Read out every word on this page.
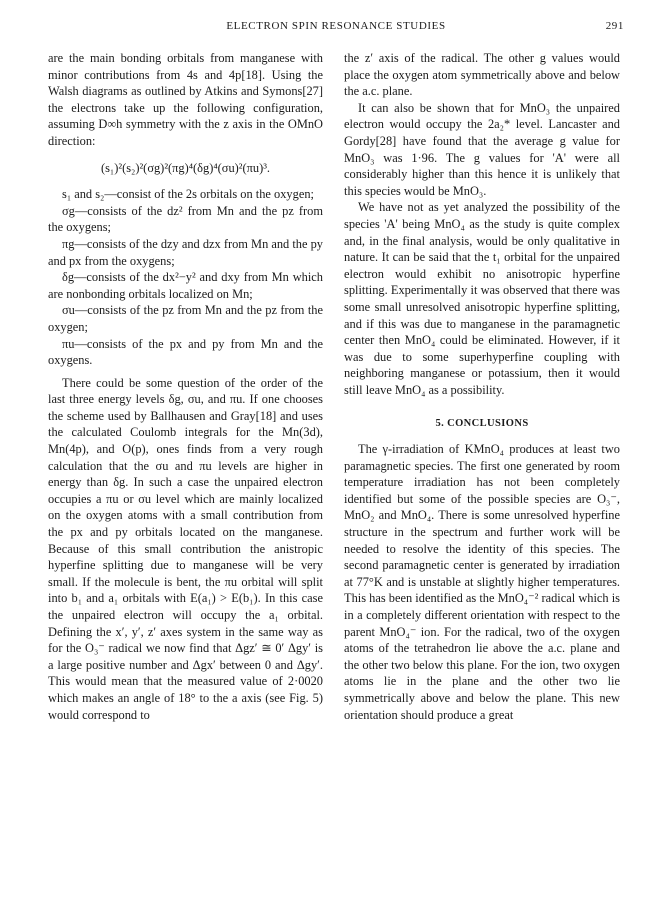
ELECTRON SPIN RESONANCE STUDIES	291

are the main bonding orbitals from manganese with minor contributions from 4s and 4p[18]. Using the Walsh diagrams as outlined by Atkins and Symons[27] the electrons take up the following configuration, assuming D∞h symmetry with the z axis in the OMnO direction:

(s₁)²(s₂)²(σg)²(πg)⁴(δg)⁴(σu)²(πu)³.

s₁ and s₂—consist of the 2s orbitals on the oxygen;

σg—consists of the dz² from Mn and the pz from the oxygens;

πg—consists of the dzy and dzx from Mn and the py and px from the oxygens;

δg—consists of the dx²−y² and dxy from Mn which are nonbonding orbitals localized on Mn;

σu—consists of the pz from Mn and the pz from the oxygen;

πu—consists of the px and py from Mn and the oxygens.

There could be some question of the order of the last three energy levels δg, σu, and πu. If one chooses the scheme used by Ballhausen and Gray[18] and uses the calculated Coulomb integrals for the Mn(3d), Mn(4p), and O(p), ones finds from a very rough calculation that the σu and πu levels are higher in energy than δg. In such a case the unpaired electron occupies a πu or σu level which are mainly localized on the oxygen atoms with a small contribution from the px and py orbitals located on the manganese. Because of this small contribution the anistropic hyperfine splitting due to manganese will be very small. If the molecule is bent, the πu orbital will split into b₁ and a₁ orbitals with E(a₁) > E(b₁). In this case the unpaired electron will occupy the a₁ orbital. Defining the x′, y′, z′ axes system in the same way as for the O₃⁻ radical we now find that Δgz′ ≅ 0′ Δgy′ is a large positive number and Δgx′ between 0 and Δgy′. This would mean that the measured value of 2·0020 which makes an angle of 18° to the a axis (see Fig. 5) would correspond to

the z′ axis of the radical. The other g values would place the oxygen atom symmetrically above and below the a.c. plane.

It can also be shown that for MnO₃ the unpaired electron would occupy the 2a₂* level. Lancaster and Gordy[28] have found that the average g value for MnO₃ was 1·96. The g values for 'A' were all considerably higher than this hence it is unlikely that this species would be MnO₃.

We have not as yet analyzed the possibility of the species 'A' being MnO₄ as the study is quite complex and, in the final analysis, would be only qualitative in nature. It can be said that the t₁ orbital for the unpaired electron would exhibit no anisotropic hyperfine splitting. Experimentally it was observed that there was some small unresolved anisotropic hyperfine splitting, and if this was due to manganese in the paramagnetic center then MnO₄ could be eliminated. However, if it was due to some superhyperfine coupling with neighboring manganese or potassium, then it would still leave MnO₄ as a possibility.

5. CONCLUSIONS

The γ-irradiation of KMnO₄ produces at least two paramagnetic species. The first one generated by room temperature irradiation has not been completely identified but some of the possible species are O₃⁻, MnO₂ and MnO₄. There is some unresolved hyperfine structure in the spectrum and further work will be needed to resolve the identity of this species. The second paramagnetic center is generated by irradiation at 77°K and is unstable at slightly higher temperatures. This has been identified as the MnO₄⁻² radical which is in a completely different orientation with respect to the parent MnO₄⁻ ion. For the radical, two of the oxygen atoms of the tetrahedron lie above the a.c. plane and the other two below this plane. For the ion, two oxygen atoms lie in the plane and the other two lie symmetrically above and below the plane. This new orientation should produce a great
